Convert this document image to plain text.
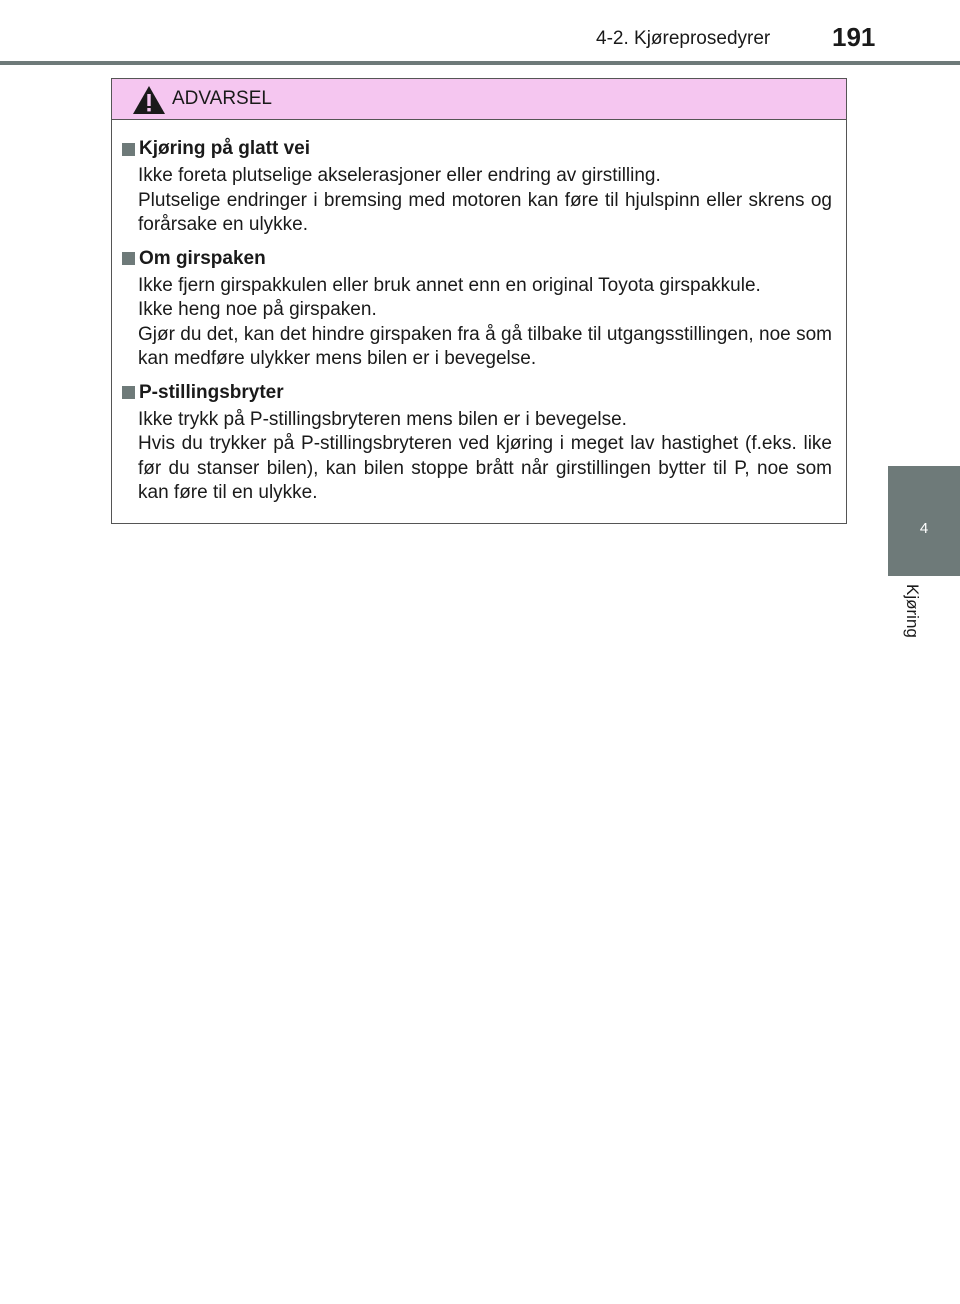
4-2. Kjøreprosedyrer 191
4
Kjøring
ADVARSEL
Kjøring på glatt vei

Ikke foreta plutselige akselerasjoner eller endring av girstilling.

Plutselige endringer i bremsing med motoren kan føre til hjulspinn eller skrens og forårsake en ulykke.

Om girspaken

Ikke fjern girspakkulen eller bruk annet enn en original Toyota girspakkule.

Ikke heng noe på girspaken.

Gjør du det, kan det hindre girspaken fra å gå tilbake til utgangsstillingen, noe som kan medføre ulykker mens bilen er i bevegelse.

P-stillingsbryter

Ikke trykk på P-stillingsbryteren mens bilen er i bevegelse.

Hvis du trykker på P-stillingsbryteren ved kjøring i meget lav hastighet (f.eks. like før du stanser bilen), kan bilen stoppe brått når girstillingen bytter til P, noe som kan føre til en ulykke.
